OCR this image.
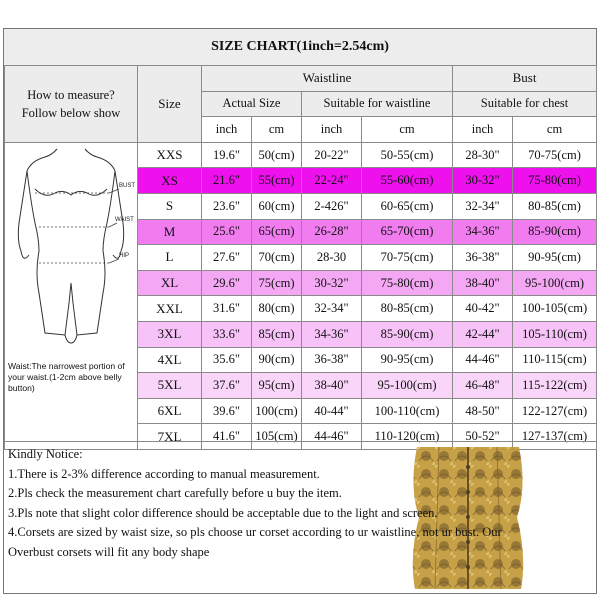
SIZE CHART(1inch=2.54cm)
How to measure?
Follow below show	Size	Waistline				Bust	
		Actual Size		Suitable for waistline		Suitable for chest	
		inch	cm	inch	cm	inch	cm

BUST
WAIST
HIP
Waist:The narrowest portion of your waist.(1-2cm above belly button)	XXS	19.6"	50(cm)	20-22"	50-55(cm)	28-30"	70-75(cm)
	XS	21.6"	55(cm)	22-24"	55-60(cm)	30-32"	75-80(cm)
	S	23.6"	60(cm)	2-426"	60-65(cm)	32-34"	80-85(cm)
	M	25.6"	65(cm)	26-28"	65-70(cm)	34-36"	85-90(cm)
	L	27.6"	70(cm)	28-30	70-75(cm)	36-38"	90-95(cm)
	XL	29.6"	75(cm)	30-32"	75-80(cm)	38-40"	95-100(cm)
	XXL	31.6"	80(cm)	32-34"	80-85(cm)	40-42"	100-105(cm)
	3XL	33.6"	85(cm)	34-36"	85-90(cm)	42-44"	105-110(cm)
	4XL	35.6"	90(cm)	36-38"	90-95(cm)	44-46"	110-115(cm)
	5XL	37.6"	95(cm)	38-40"	95-100(cm)	46-48"	115-122(cm)
	6XL	39.6"	100(cm)	40-44"	100-110(cm)	48-50"	122-127(cm)
	7XL	41.6"	105(cm)	44-46"	110-120(cm)	50-52"	127-137(cm)
Kindly Notice:
1.There is 2-3% difference according to manual measurement.
2.Pls check the measurement chart carefully before u buy the item.
3.Pls note that slight color difference should be acceptable due to the light and screen.
4.Corsets are sized by waist size, so pls choose ur corset according to ur waistline, not ur bust. Our
Overbust corsets will fit any body shape
